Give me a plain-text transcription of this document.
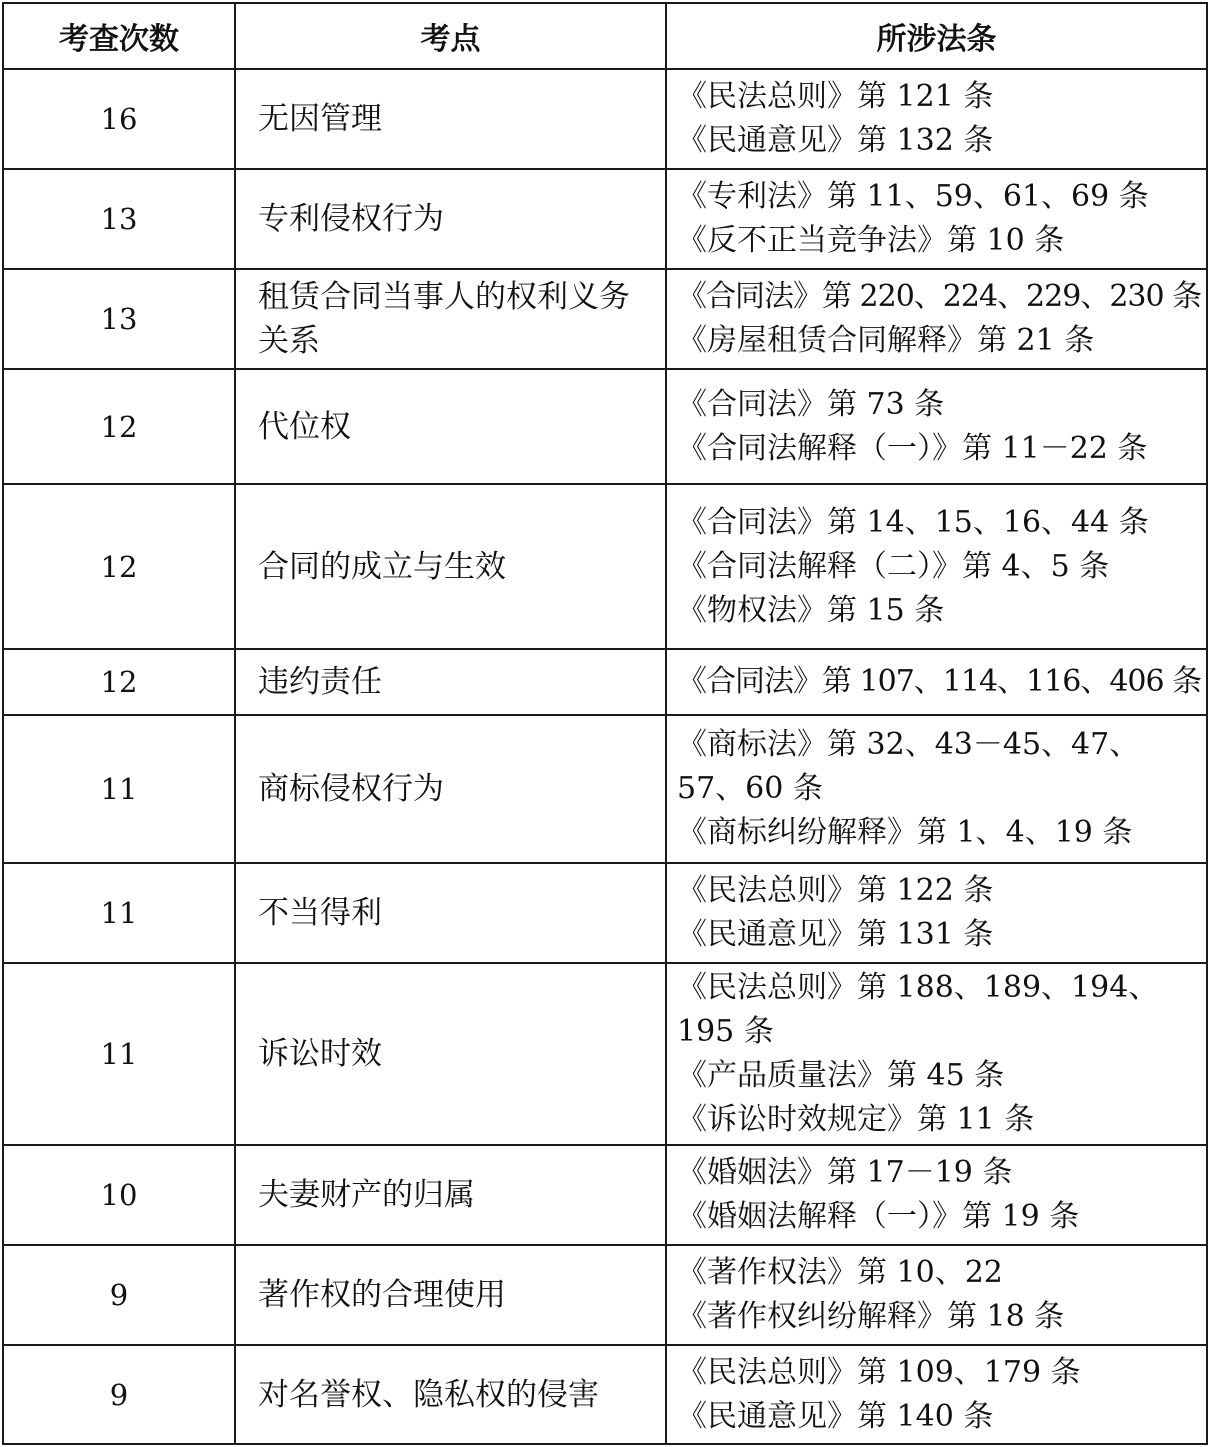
考查次数	考点	所涉法条
16	无因管理	《民法总则》第 121 条
《民通意见》第 132 条

13	专利侵权行为	《专利法》第 11、59、61、69 条
《反不正当竞争法》第 10 条

13	租赁合同当事人的权利义务关系	《合同法》第 220、224、229、230 条
《房屋租赁合同解释》第 21 条

12	代位权	《合同法》第 73 条
《合同法解释（一）》第 11－22 条

12	合同的成立与生效	《合同法》第 14、15、16、44 条
《合同法解释（二）》第 4、5 条
《物权法》第 15 条

12	违约责任	《合同法》第 107、114、116、406 条

11	商标侵权行为	《商标法》第 32、43－45、47、57、60 条
《商标纠纷解释》第 1、4、19 条

11	不当得利	《民法总则》第 122 条
《民通意见》第 131 条

11	诉讼时效	《民法总则》第 188、189、194、195 条
《产品质量法》第 45 条
《诉讼时效规定》第 11 条

10	夫妻财产的归属	《婚姻法》第 17－19 条
《婚姻法解释（一）》第 19 条

9	著作权的合理使用	《著作权法》第 10、22
《著作权纠纷解释》第 18 条

9	对名誉权、隐私权的侵害	《民法总则》第 109、179 条
《民通意见》第 140 条
